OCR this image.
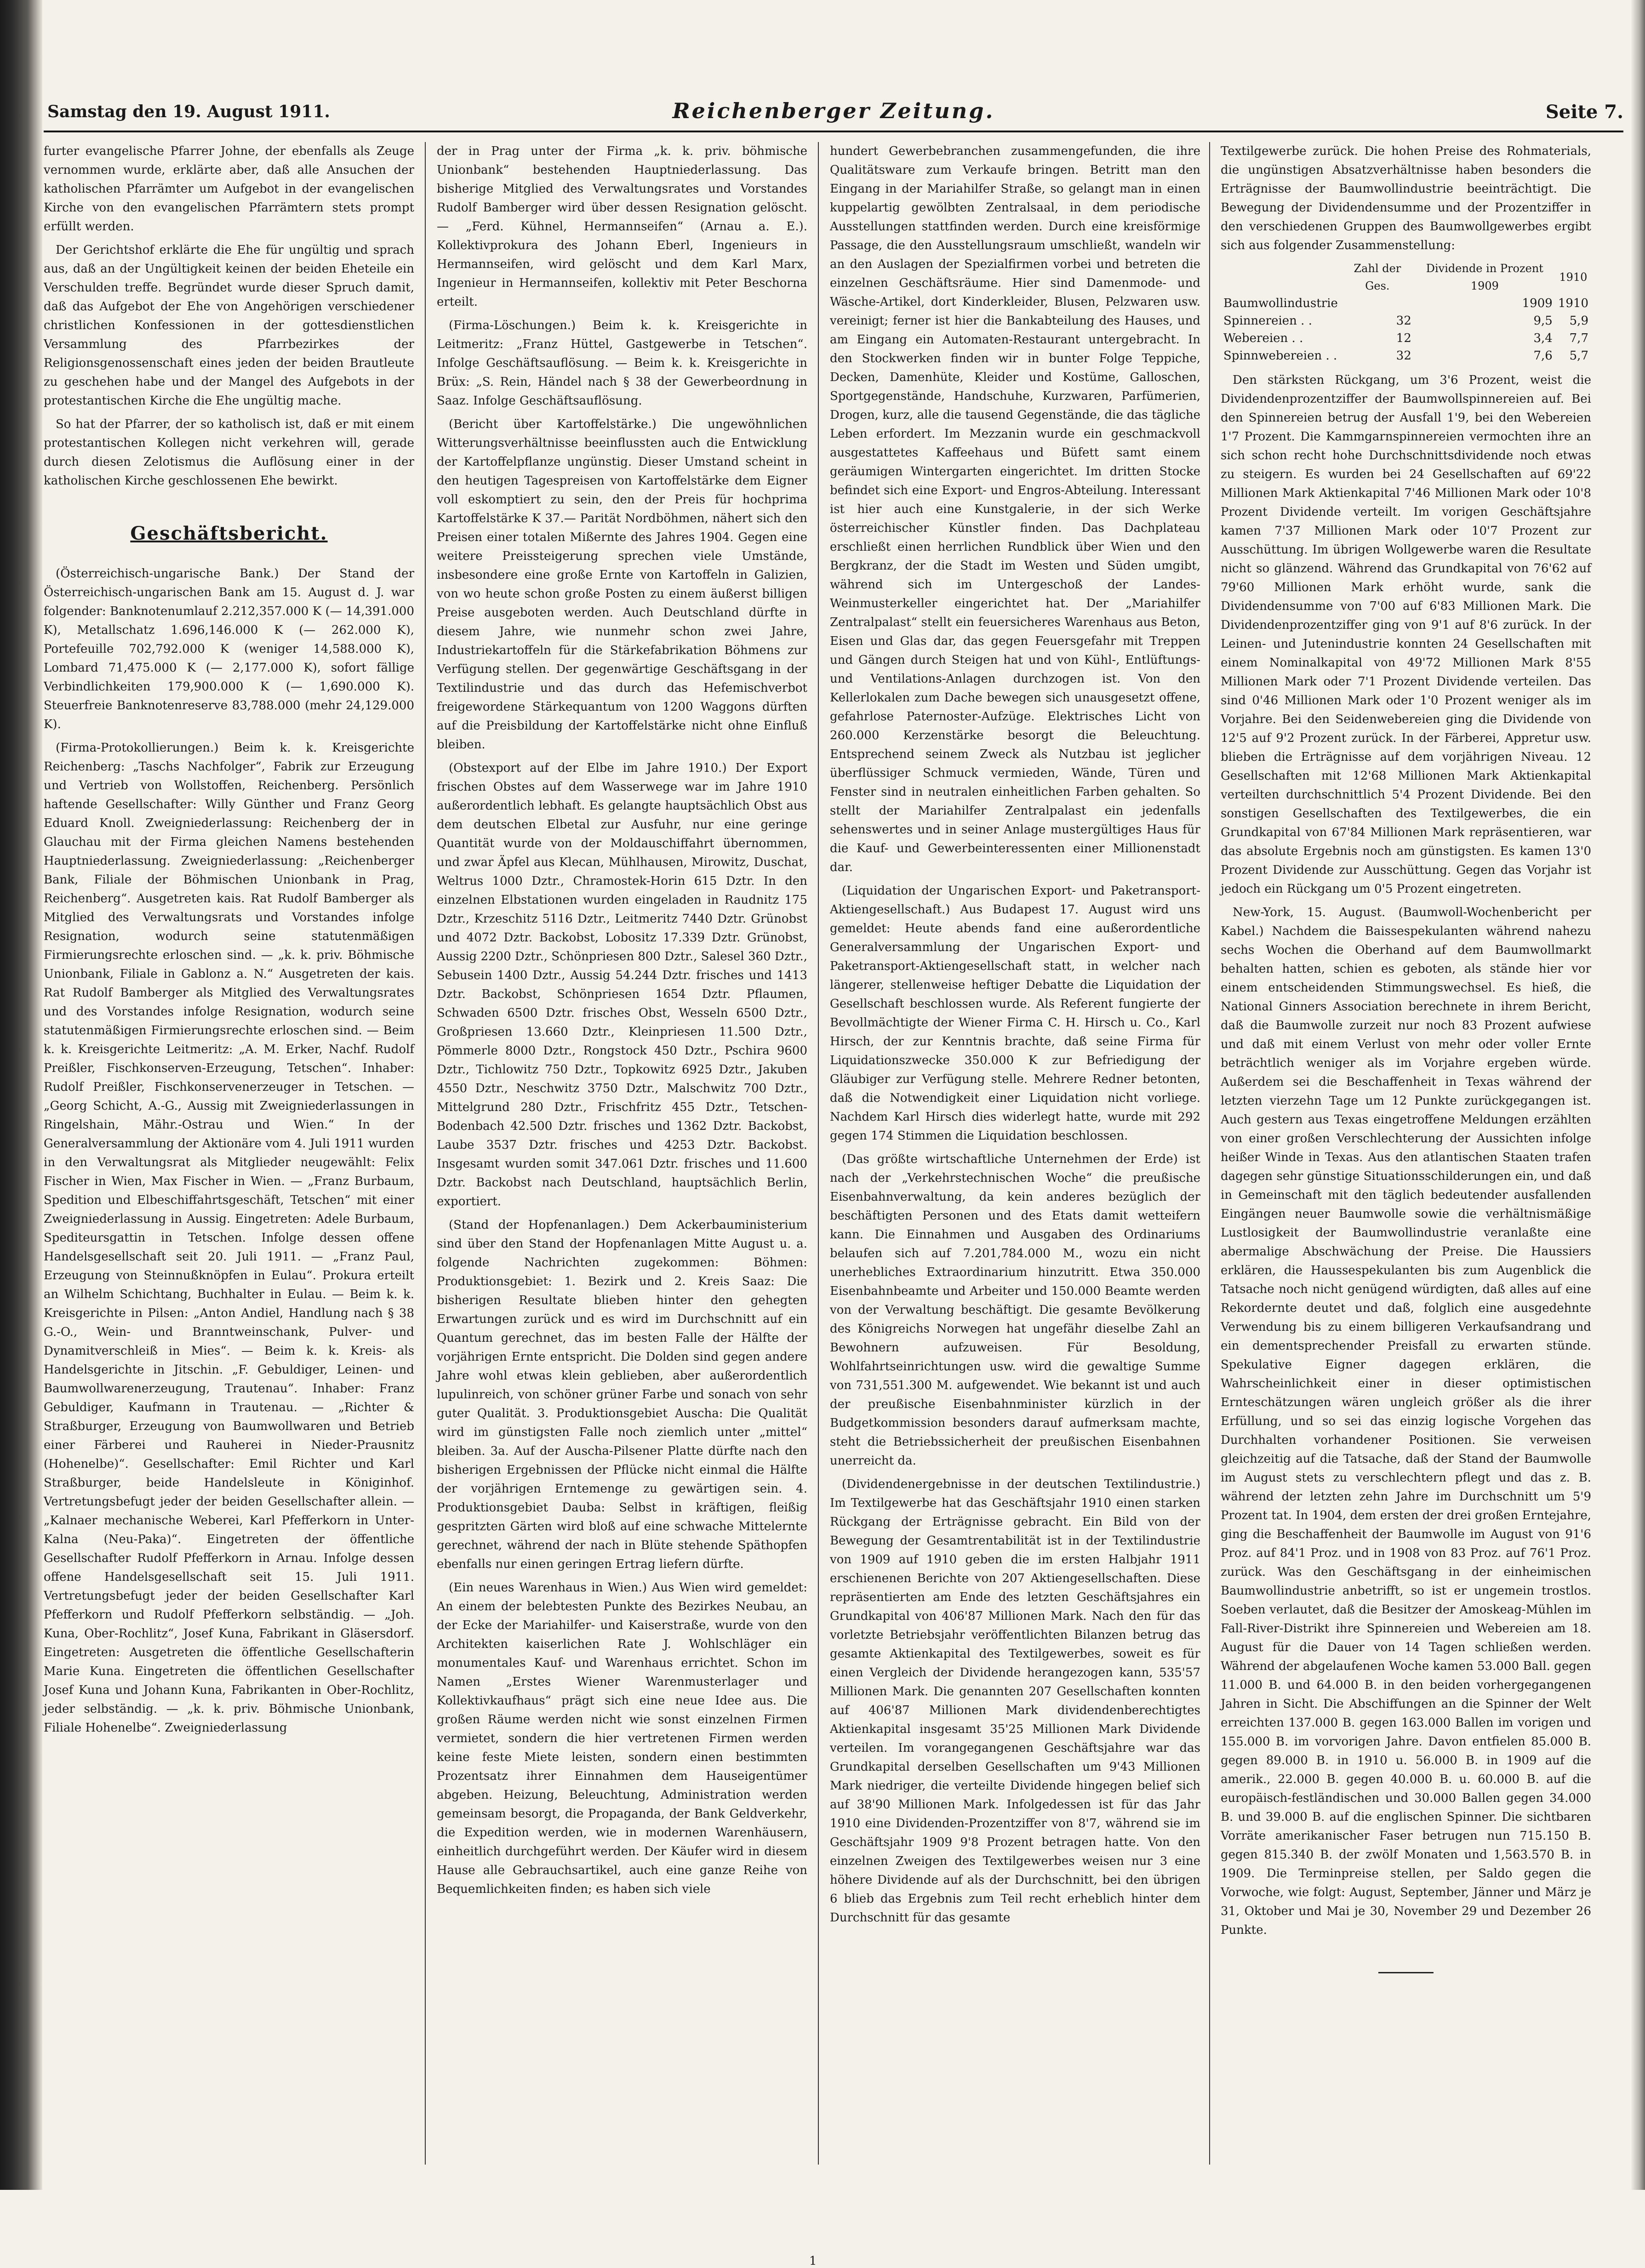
Samstag den 19. August 1911.	Reichenberger Zeitung.	Seite 7.

furter evangelische Pfarrer Johne, der ebenfalls als Zeuge vernommen wurde, erklärte aber, daß alle Ansuchen der katholischen Pfarrämter um Aufgebot in der evangelischen Kirche von den evangelischen Pfarrämtern stets prompt erfüllt werden.

Der Gerichtshof erklärte die Ehe für ungültig und sprach aus, daß an der Ungültigkeit keinen der beiden Eheteile ein Verschulden treffe. Begründet wurde dieser Spruch damit, daß das Aufgebot der Ehe von Angehörigen verschiedener christlichen Konfessionen in der gottesdienstlichen Versammlung des Pfarrbezirkes der Religionsgenossenschaft eines jeden der beiden Brautleute zu geschehen habe und der Mangel des Aufgebots in der protestantischen Kirche die Ehe ungültig mache.

So hat der Pfarrer, der so katholisch ist, daß er mit einem protestantischen Kollegen nicht verkehren will, gerade durch diesen Zelotismus die Auflösung einer in der katholischen Kirche geschlossenen Ehe bewirkt.

Geschäftsbericht.

(Österreichisch-ungarische Bank.) Der Stand der Österreichisch-ungarischen Bank am 15. August d. J. war folgender: Banknotenumlauf 2.212,357.000 K (— 14,391.000 K), Metallschatz 1.696,146.000 K (— 262.000 K), Portefeuille 702,792.000 K (weniger 14,588.000 K), Lombard 71,475.000 K (— 2,177.000 K), sofort fällige Verbindlichkeiten 179,900.000 K (— 1,690.000 K). Steuerfreie Banknotenreserve 83,788.000 (mehr 24,129.000 K).

(Firma-Protokollierungen.) Beim k. k. Kreisgerichte Reichenberg: „Taschs Nachfolger“, Fabrik zur Erzeugung und Vertrieb von Wollstoffen, Reichenberg. Persönlich haftende Gesellschafter: Willy Günther und Franz Georg Eduard Knoll. Zweigniederlassung: Reichenberg der in Glauchau mit der Firma gleichen Namens bestehenden Hauptniederlassung. Zweigniederlassung: „Reichenberger Bank, Filiale der Böhmischen Unionbank in Prag, Reichenberg“. Ausgetreten kais. Rat Rudolf Bamberger als Mitglied des Verwaltungsrats und Vorstandes infolge Resignation, wodurch seine statutenmäßigen Firmierungsrechte erloschen sind. — „k. k. priv. Böhmische Unionbank, Filiale in Gablonz a. N.“ Ausgetreten der kais. Rat Rudolf Bamberger als Mitglied des Verwaltungsrates und des Vorstandes infolge Resignation, wodurch seine statutenmäßigen Firmierungsrechte erloschen sind. — Beim k. k. Kreisgerichte Leitmeritz: „A. M. Erker, Nachf. Rudolf Preißler, Fischkonserven-Erzeugung, Tetschen“. Inhaber: Rudolf Preißler, Fischkonservenerzeuger in Tetschen. — „Georg Schicht, A.-G., Aussig mit Zweigniederlassungen in Ringelshain, Mähr.-Ostrau und Wien.“ In der Generalversammlung der Aktionäre vom 4. Juli 1911 wurden in den Verwaltungsrat als Mitglieder neugewählt: Felix Fischer in Wien, Max Fischer in Wien. — „Franz Burbaum, Spedition und Elbeschiffahrtsgeschäft, Tetschen“ mit einer Zweigniederlassung in Aussig. Eingetreten: Adele Burbaum, Spediteursgattin in Tetschen. Infolge dessen offene Handelsgesellschaft seit 20. Juli 1911. — „Franz Paul, Erzeugung von Steinnußknöpfen in Eulau“. Prokura erteilt an Wilhelm Schichtang, Buchhalter in Eulau. — Beim k. k. Kreisgerichte in Pilsen: „Anton Andiel, Handlung nach § 38 G.-O., Wein- und Branntweinschank, Pulver- und Dynamitverschleiß in Mies“. — Beim k. k. Kreis- als Handelsgerichte in Jitschin. „F. Gebuldiger, Leinen- und Baumwollwarenerzeugung, Trautenau“. Inhaber: Franz Gebuldiger, Kaufmann in Trautenau. — „Richter & Straßburger, Erzeugung von Baumwollwaren und Betrieb einer Färberei und Rauherei in Nieder-Prausnitz (Hohenelbe)“. Gesellschafter: Emil Richter und Karl Straßburger, beide Handelsleute in Königinhof. Vertretungsbefugt jeder der beiden Gesellschafter allein. — „Kalnaer mechanische Weberei, Karl Pfefferkorn in Unter-Kalna (Neu-Paka)“. Eingetreten der öffentliche Gesellschafter Rudolf Pfefferkorn in Arnau. Infolge dessen offene Handelsgesellschaft seit 15. Juli 1911. Vertretungsbefugt jeder der beiden Gesellschafter Karl Pfefferkorn und Rudolf Pfefferkorn selbständig. — „Joh. Kuna, Ober-Rochlitz“, Josef Kuna, Fabrikant in Gläsersdorf. Eingetreten: Ausgetreten die öffentliche Gesellschafterin Marie Kuna. Eingetreten die öffentlichen Gesellschafter Josef Kuna und Johann Kuna, Fabrikanten in Ober-Rochlitz, jeder selbständig. — „k. k. priv. Böhmische Unionbank, Filiale Hohenelbe“. Zweigniederlassung

der in Prag unter der Firma „k. k. priv. böhmische Unionbank“ bestehenden Hauptniederlassung. Das bisherige Mitglied des Verwaltungsrates und Vorstandes Rudolf Bamberger wird über dessen Resignation gelöscht. — „Ferd. Kühnel, Hermannseifen“ (Arnau a. E.). Kollektivprokura des Johann Eberl, Ingenieurs in Hermannseifen, wird gelöscht und dem Karl Marx, Ingenieur in Hermannseifen, kollektiv mit Peter Beschorna erteilt.

(Firma-Löschungen.) Beim k. k. Kreisgerichte in Leitmeritz: „Franz Hüttel, Gastgewerbe in Tetschen“. Infolge Geschäftsauflösung. — Beim k. k. Kreisgerichte in Brüx: „S. Rein, Händel nach § 38 der Gewerbeordnung in Saaz. Infolge Geschäftsauflösung.

(Bericht über Kartoffelstärke.) Die ungewöhnlichen Witterungsverhältnisse beeinflussten auch die Entwicklung der Kartoffelpflanze ungünstig. Dieser Umstand scheint in den heutigen Tagespreisen von Kartoffelstärke dem Eigner voll eskomptiert zu sein, den der Preis für hochprima Kartoffelstärke K 37.— Parität Nordböhmen, nähert sich den Preisen einer totalen Mißernte des Jahres 1904. Gegen eine weitere Preissteigerung sprechen viele Umstände, insbesondere eine große Ernte von Kartoffeln in Galizien, von wo heute schon große Posten zu einem äußerst billigen Preise ausgeboten werden. Auch Deutschland dürfte in diesem Jahre, wie nunmehr schon zwei Jahre, Industriekartoffeln für die Stärkefabrikation Böhmens zur Verfügung stellen. Der gegenwärtige Geschäftsgang in der Textilindustrie und das durch das Hefemischverbot freigewordene Stärkequantum von 1200 Waggons dürften auf die Preisbildung der Kartoffelstärke nicht ohne Einfluß bleiben.

(Obstexport auf der Elbe im Jahre 1910.) Der Export frischen Obstes auf dem Wasserwege war im Jahre 1910 außerordentlich lebhaft. Es gelangte hauptsächlich Obst aus dem deutschen Elbetal zur Ausfuhr, nur eine geringe Quantität wurde von der Moldauschiffahrt übernommen, und zwar Äpfel aus Klecan, Mühlhausen, Mirowitz, Duschat, Weltrus 1000 Dztr., Chramostek-Horin 615 Dztr. In den einzelnen Elbstationen wurden eingeladen in Raudnitz 175 Dztr., Krzeschitz 5116 Dztr., Leitmeritz 7440 Dztr. Grünobst und 4072 Dztr. Backobst, Lobositz 17.339 Dztr. Grünobst, Aussig 2200 Dztr., Schönpriesen 800 Dztr., Salesel 360 Dztr., Sebusein 1400 Dztr., Aussig 54.244 Dztr. frisches und 1413 Dztr. Backobst, Schönpriesen 1654 Dztr. Pflaumen, Schwaden 6500 Dztr. frisches Obst, Wesseln 6500 Dztr., Großpriesen 13.660 Dztr., Kleinpriesen 11.500 Dztr., Pömmerle 8000 Dztr., Rongstock 450 Dztr., Pschira 9600 Dztr., Tichlowitz 750 Dztr., Topkowitz 6925 Dztr., Jakuben 4550 Dztr., Neschwitz 3750 Dztr., Malschwitz 700 Dztr., Mittelgrund 280 Dztr., Frischfritz 455 Dztr., Tetschen-Bodenbach 42.500 Dztr. frisches und 1362 Dztr. Backobst, Laube 3537 Dztr. frisches und 4253 Dztr. Backobst. Insgesamt wurden somit 347.061 Dztr. frisches und 11.600 Dztr. Backobst nach Deutschland, hauptsächlich Berlin, exportiert.

(Stand der Hopfenanlagen.) Dem Ackerbauministerium sind über den Stand der Hopfenanlagen Mitte August u. a. folgende Nachrichten zugekommen: Böhmen: Produktionsgebiet: 1. Bezirk und 2. Kreis Saaz: Die bisherigen Resultate blieben hinter den gehegten Erwartungen zurück und es wird im Durchschnitt auf ein Quantum gerechnet, das im besten Falle der Hälfte der vorjährigen Ernte entspricht. Die Dolden sind gegen andere Jahre wohl etwas klein geblieben, aber außerordentlich lupulinreich, von schöner grüner Farbe und sonach von sehr guter Qualität. 3. Produktionsgebiet Auscha: Die Qualität wird im günstigsten Falle noch ziemlich unter „mittel“ bleiben. 3a. Auf der Auscha-Pilsener Platte dürfte nach den bisherigen Ergebnissen der Pflücke nicht einmal die Hälfte der vorjährigen Erntemenge zu gewärtigen sein. 4. Produktionsgebiet Dauba: Selbst in kräftigen, fleißig gespritzten Gärten wird bloß auf eine schwache Mittelernte gerechnet, während der nach in Blüte stehende Späthopfen ebenfalls nur einen geringen Ertrag liefern dürfte.

(Ein neues Warenhaus in Wien.) Aus Wien wird gemeldet: An einem der belebtesten Punkte des Bezirkes Neubau, an der Ecke der Mariahilfer- und Kaiserstraße, wurde von den Architekten kaiserlichen Rate J. Wohlschläger ein monumentales Kauf- und Warenhaus errichtet. Schon im Namen „Erstes Wiener Warenmusterlager und Kollektivkaufhaus“ prägt sich eine neue Idee aus. Die großen Räume werden nicht wie sonst einzelnen Firmen vermietet, sondern die hier vertretenen Firmen werden keine feste Miete leisten, sondern einen bestimmten Prozentsatz ihrer Einnahmen dem Hauseigentümer abgeben. Heizung, Beleuchtung, Administration werden gemeinsam besorgt, die Propaganda, der Bank Geldverkehr, die Expedition werden, wie in modernen Warenhäusern, einheitlich durchgeführt werden. Der Käufer wird in diesem Hause alle Gebrauchsartikel, auch eine ganze Reihe von Bequemlichkeiten finden; es haben sich viele

hundert Gewerbebranchen zusammengefunden, die ihre Qualitätsware zum Verkaufe bringen. Betritt man den Eingang in der Mariahilfer Straße, so gelangt man in einen kuppelartig gewölbten Zentralsaal, in dem periodische Ausstellungen stattfinden werden. Durch eine kreisförmige Passage, die den Ausstellungsraum umschließt, wandeln wir an den Auslagen der Spezialfirmen vorbei und betreten die einzelnen Geschäftsräume. Hier sind Damenmode- und Wäsche-Artikel, dort Kinderkleider, Blusen, Pelzwaren usw. vereinigt; ferner ist hier die Bankabteilung des Hauses, und am Eingang ein Automaten-Restaurant untergebracht. In den Stockwerken finden wir in bunter Folge Teppiche, Decken, Damenhüte, Kleider und Kostüme, Galloschen, Sportgegenstände, Handschuhe, Kurzwaren, Parfümerien, Drogen, kurz, alle die tausend Gegenstände, die das tägliche Leben erfordert. Im Mezzanin wurde ein geschmackvoll ausgestattetes Kaffeehaus und Büfett samt einem geräumigen Wintergarten eingerichtet. Im dritten Stocke befindet sich eine Export- und Engros-Abteilung. Interessant ist hier auch eine Kunstgalerie, in der sich Werke österreichischer Künstler finden. Das Dachplateau erschließt einen herrlichen Rundblick über Wien und den Bergkranz, der die Stadt im Westen und Süden umgibt, während sich im Untergeschoß der Landes-Weinmusterkeller eingerichtet hat. Der „Mariahilfer Zentralpalast“ stellt ein feuersicheres Warenhaus aus Beton, Eisen und Glas dar, das gegen Feuersgefahr mit Treppen und Gängen durch Steigen hat und von Kühl-, Entlüftungs- und Ventilations-Anlagen durchzogen ist. Von den Kellerlokalen zum Dache bewegen sich unausgesetzt offene, gefahrlose Paternoster-Aufzüge. Elektrisches Licht von 260.000 Kerzenstärke besorgt die Beleuchtung. Entsprechend seinem Zweck als Nutzbau ist jeglicher überflüssiger Schmuck vermieden, Wände, Türen und Fenster sind in neutralen einheitlichen Farben gehalten. So stellt der Mariahilfer Zentralpalast ein jedenfalls sehenswertes und in seiner Anlage mustergültiges Haus für die Kauf- und Gewerbeinteressenten einer Millionenstadt dar.

(Liquidation der Ungarischen Export- und Paketransport-Aktiengesellschaft.) Aus Budapest 17. August wird uns gemeldet: Heute abends fand eine außerordentliche Generalversammlung der Ungarischen Export- und Paketransport-Aktiengesellschaft statt, in welcher nach längerer, stellenweise heftiger Debatte die Liquidation der Gesellschaft beschlossen wurde. Als Referent fungierte der Bevollmächtigte der Wiener Firma C. H. Hirsch u. Co., Karl Hirsch, der zur Kenntnis brachte, daß seine Firma für Liquidationszwecke 350.000 K zur Befriedigung der Gläubiger zur Verfügung stelle. Mehrere Redner betonten, daß die Notwendigkeit einer Liquidation nicht vorliege. Nachdem Karl Hirsch dies widerlegt hatte, wurde mit 292 gegen 174 Stimmen die Liquidation beschlossen.

(Das größte wirtschaftliche Unternehmen der Erde) ist nach der „Verkehrstechnischen Woche“ die preußische Eisenbahnverwaltung, da kein anderes bezüglich der beschäftigten Personen und des Etats damit wetteifern kann. Die Einnahmen und Ausgaben des Ordinariums belaufen sich auf 7.201,784.000 M., wozu ein nicht unerhebliches Extraordinarium hinzutritt. Etwa 350.000 Eisenbahnbeamte und Arbeiter und 150.000 Beamte werden von der Verwaltung beschäftigt. Die gesamte Bevölkerung des Königreichs Norwegen hat ungefähr dieselbe Zahl an Bewohnern aufzuweisen. Für Besoldung, Wohlfahrtseinrichtungen usw. wird die gewaltige Summe von 731,551.300 M. aufgewendet. Wie bekannt ist und auch der preußische Eisenbahnminister kürzlich in der Budgetkommission besonders darauf aufmerksam machte, steht die Betriebssicherheit der preußischen Eisenbahnen unerreicht da.

(Dividendenergebnisse in der deutschen Textilindustrie.) Im Textilgewerbe hat das Geschäftsjahr 1910 einen starken Rückgang der Erträgnisse gebracht. Ein Bild von der Bewegung der Gesamtrentabilität ist in der Textilindustrie von 1909 auf 1910 geben die im ersten Halbjahr 1911 erschienenen Berichte von 207 Aktiengesellschaften. Diese repräsentierten am Ende des letzten Geschäftsjahres ein Grundkapital von 406'87 Millionen Mark. Nach den für das vorletzte Betriebsjahr veröffentlichten Bilanzen betrug das gesamte Aktienkapital des Textilgewerbes, soweit es für einen Vergleich der Dividende herangezogen kann, 535'57 Millionen Mark. Die genannten 207 Gesellschaften konnten auf 406'87 Millionen Mark dividendenberechtigtes Aktienkapital insgesamt 35'25 Millionen Mark Dividende verteilen. Im vorangegangenen Geschäftsjahre war das Grundkapital derselben Gesellschaften um 9'43 Millionen Mark niedriger, die verteilte Dividende hingegen belief sich auf 38'90 Millionen Mark. Infolgedessen ist für das Jahr 1910 eine Dividenden-Prozentziffer von 8'7, während sie im Geschäftsjahr 1909 9'8 Prozent betragen hatte. Von den einzelnen Zweigen des Textilgewerbes weisen nur 3 eine höhere Dividende auf als der Durchschnitt, bei den übrigen 6 blieb das Ergebnis zum Teil recht erheblich hinter dem Durchschnitt für das gesamte

Textilgewerbe zurück. Die hohen Preise des Rohmaterials, die ungünstigen Absatzverhältnisse haben besonders die Erträgnisse der Baumwollindustrie beeinträchtigt. Die Bewegung der Dividendensumme und der Prozentziffer in den verschiedenen Gruppen des Baumwollgewerbes ergibt sich aus folgender Zusammenstellung:

	Zahl der Ges.	Dividende in Prozent 1909	1910
Baumwollindustrie		1909	1910
Spinnereien . .	32	9,5	5,9
Webereien . .	12	3,4	7,7
Spinnwebereien . .	32	7,6	5,7

Den stärksten Rückgang, um 3'6 Prozent, weist die Dividendenprozentziffer der Baumwollspinnereien auf. Bei den Spinnereien betrug der Ausfall 1'9, bei den Webereien 1'7 Prozent. Die Kammgarnspinnereien vermochten ihre an sich schon recht hohe Durchschnittsdividende noch etwas zu steigern. Es wurden bei 24 Gesellschaften auf 69'22 Millionen Mark Aktienkapital 7'46 Millionen Mark oder 10'8 Prozent Dividende verteilt. Im vorigen Geschäftsjahre kamen 7'37 Millionen Mark oder 10'7 Prozent zur Ausschüttung. Im übrigen Wollgewerbe waren die Resultate nicht so glänzend. Während das Grundkapital von 76'62 auf 79'60 Millionen Mark erhöht wurde, sank die Dividendensumme von 7'00 auf 6'83 Millionen Mark. Die Dividendenprozentziffer ging von 9'1 auf 8'6 zurück. In der Leinen- und Jutenindustrie konnten 24 Gesellschaften mit einem Nominalkapital von 49'72 Millionen Mark 8'55 Millionen Mark oder 7'1 Prozent Dividende verteilen. Das sind 0'46 Millionen Mark oder 1'0 Prozent weniger als im Vorjahre. Bei den Seidenwebereien ging die Dividende von 12'5 auf 9'2 Prozent zurück. In der Färberei, Appretur usw. blieben die Erträgnisse auf dem vorjährigen Niveau. 12 Gesellschaften mit 12'68 Millionen Mark Aktienkapital verteilten durchschnittlich 5'4 Prozent Dividende. Bei den sonstigen Gesellschaften des Textilgewerbes, die ein Grundkapital von 67'84 Millionen Mark repräsentieren, war das absolute Ergebnis noch am günstigsten. Es kamen 13'0 Prozent Dividende zur Ausschüttung. Gegen das Vorjahr ist jedoch ein Rückgang um 0'5 Prozent eingetreten.

New-York, 15. August. (Baumwoll-Wochenbericht per Kabel.) Nachdem die Baissespekulanten während nahezu sechs Wochen die Oberhand auf dem Baumwollmarkt behalten hatten, schien es geboten, als stände hier vor einem entscheidenden Stimmungswechsel. Es hieß, die National Ginners Association berechnete in ihrem Bericht, daß die Baumwolle zurzeit nur noch 83 Prozent aufwiese und daß mit einem Verlust von mehr oder voller Ernte beträchtlich weniger als im Vorjahre ergeben würde. Außerdem sei die Beschaffenheit in Texas während der letzten vierzehn Tage um 12 Punkte zurückgegangen ist. Auch gestern aus Texas eingetroffene Meldungen erzählten von einer großen Verschlechterung der Aussichten infolge heißer Winde in Texas. Aus den atlantischen Staaten trafen dagegen sehr günstige Situationsschilderungen ein, und daß in Gemeinschaft mit den täglich bedeutender ausfallenden Eingängen neuer Baumwolle sowie die verhältnismäßige Lustlosigkeit der Baumwollindustrie veranlaßte eine abermalige Abschwächung der Preise. Die Haussiers erklären, die Haussespekulanten bis zum Augenblick die Tatsache noch nicht genügend würdigten, daß alles auf eine Rekordernte deutet und daß, folglich eine ausgedehnte Verwendung bis zu einem billigeren Verkaufsandrang und ein dementsprechender Preisfall zu erwarten stünde. Spekulative Eigner dagegen erklären, die Wahrscheinlichkeit einer in dieser optimistischen Ernteschätzungen wären ungleich größer als die ihrer Erfüllung, und so sei das einzig logische Vorgehen das Durchhalten vorhandener Positionen. Sie verweisen gleichzeitig auf die Tatsache, daß der Stand der Baumwolle im August stets zu verschlechtern pflegt und das z. B. während der letzten zehn Jahre im Durchschnitt um 5'9 Prozent tat. In 1904, dem ersten der drei großen Erntejahre, ging die Beschaffenheit der Baumwolle im August von 91'6 Proz. auf 84'1 Proz. und in 1908 von 83 Proz. auf 76'1 Proz. zurück. Was den Geschäftsgang in der einheimischen Baumwollindustrie anbetrifft, so ist er ungemein trostlos. Soeben verlautet, daß die Besitzer der Amoskeag-Mühlen im Fall-River-Distrikt ihre Spinnereien und Webereien am 18. August für die Dauer von 14 Tagen schließen werden. Während der abgelaufenen Woche kamen 53.000 Ball. gegen 11.000 B. und 64.000 B. in den beiden vorhergegangenen Jahren in Sicht. Die Abschiffungen an die Spinner der Welt erreichten 137.000 B. gegen 163.000 Ballen im vorigen und 155.000 B. im vorvorigen Jahre. Davon entfielen 85.000 B. gegen 89.000 B. in 1910 u. 56.000 B. in 1909 auf die amerik., 22.000 B. gegen 40.000 B. u. 60.000 B. auf die europäisch-festländischen und 30.000 Ballen gegen 34.000 B. und 39.000 B. auf die englischen Spinner. Die sichtbaren Vorräte amerikanischer Faser betrugen nun 715.150 B. gegen 815.340 B. der zwölf Monaten und 1,563.570 B. in 1909. Die Terminpreise stellen, per Saldo gegen die Vorwoche, wie folgt: August, September, Jänner und März je 31, Oktober und Mai je 30, November 29 und Dezember 26 Punkte.

1
